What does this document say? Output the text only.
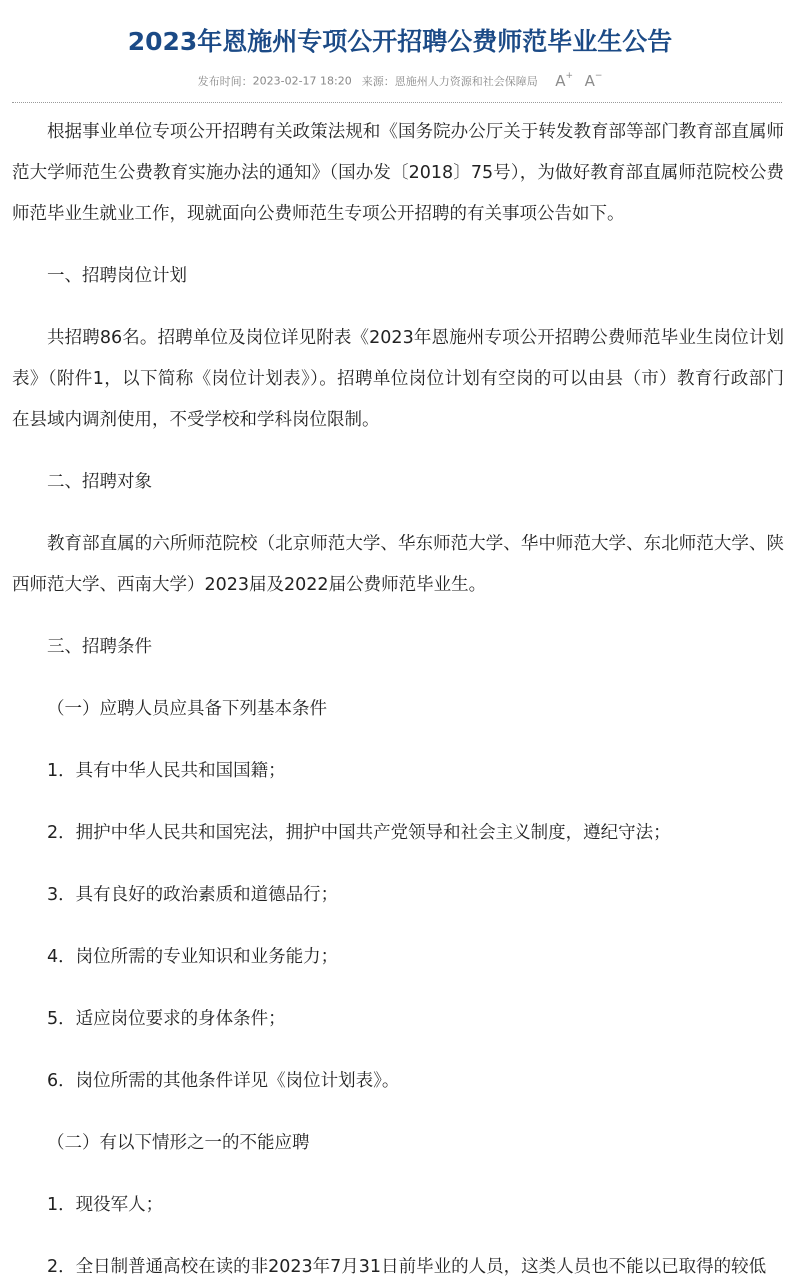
2023年恩施州专项公开招聘公费师范毕业生公告
发布时间：2023-02-17 18:20 来源：恩施州人力资源和社会保障局 A+ A−

根据事业单位专项公开招聘有关政策法规和《国务院办公厅关于转发教育部等部门教育部直属师范大学师范生公费教育实施办法的通知》（国办发〔2018〕75号），为做好教育部直属师范院校公费师范毕业生就业工作，现就面向公费师范生专项公开招聘的有关事项公告如下。

一、招聘岗位计划

共招聘86名。招聘单位及岗位详见附表《2023年恩施州专项公开招聘公费师范毕业生岗位计划表》（附件1，以下简称《岗位计划表》）。招聘单位岗位计划有空岗的可以由县（市）教育行政部门在县域内调剂使用，不受学校和学科岗位限制。

二、招聘对象

教育部直属的六所师范院校（北京师范大学、华东师范大学、华中师范大学、东北师范大学、陕西师范大学、西南大学）2023届及2022届公费师范毕业生。

三、招聘条件

（一）应聘人员应具备下列基本条件

1．具有中华人民共和国国籍；

2．拥护中华人民共和国宪法，拥护中国共产党领导和社会主义制度，遵纪守法；

3．具有良好的政治素质和道德品行；

4．岗位所需的专业知识和业务能力；

5．适应岗位要求的身体条件；

6．岗位所需的其他条件详见《岗位计划表》。

（二）有以下情形之一的不能应聘

1．现役军人；

2．全日制普通高校在读的非2023年7月31日前毕业的人员，这类人员也不能以已取得的较低
